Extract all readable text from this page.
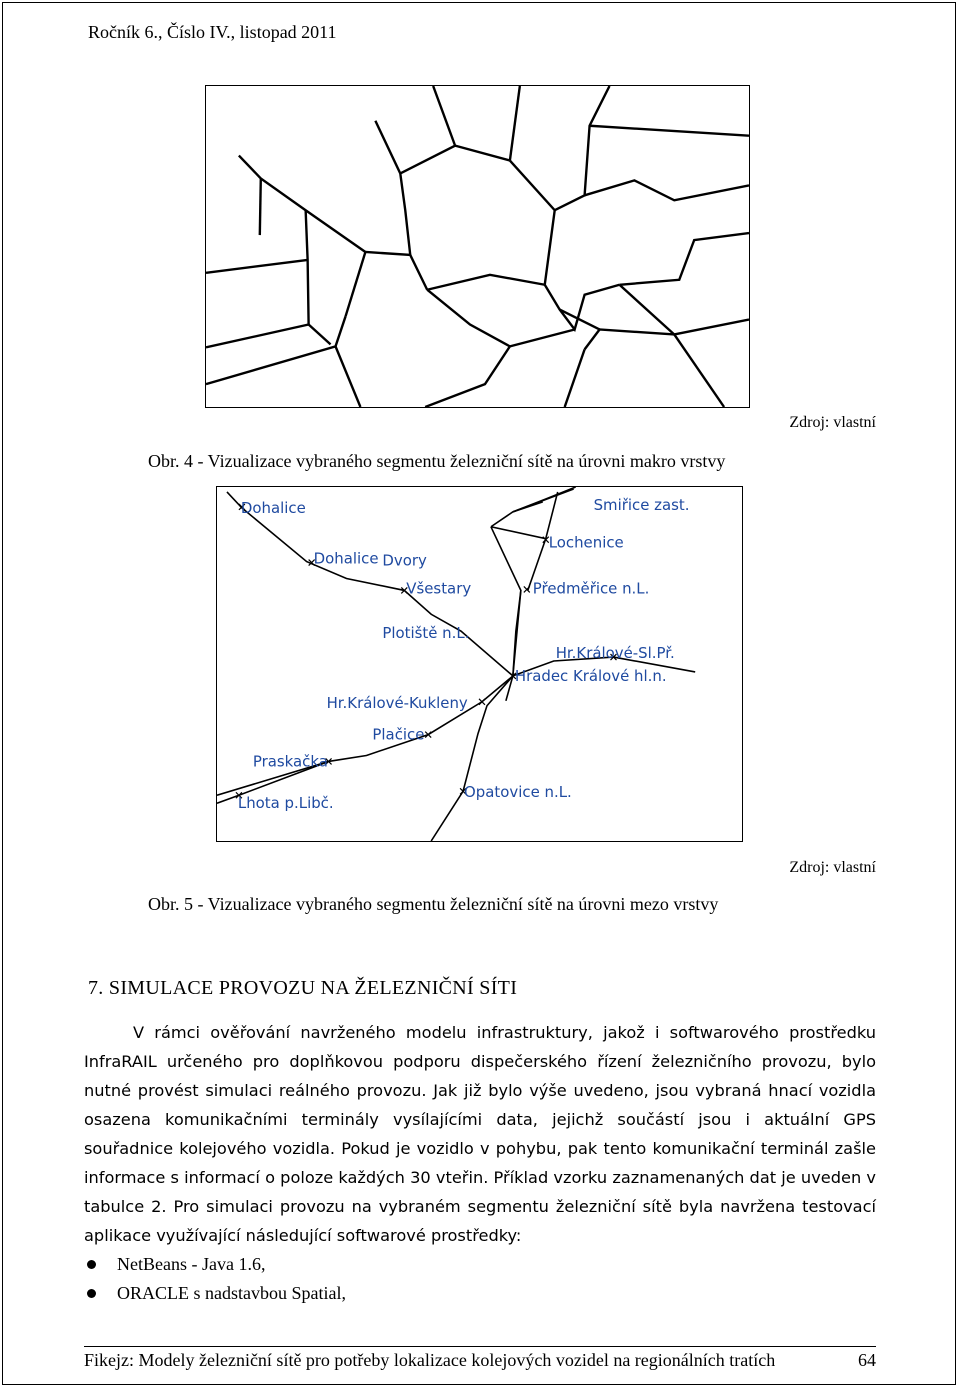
Ročník 6., Číslo IV., listopad 2011
Zdroj: vlastní
Obr. 4 - Vizualizace vybraného segmentu železniční sítě na úrovni makro vrstvy
Dohalice	Smiřice zast.
Lochenice
Dohalice Dvory
Všestary	Předměřice n.L.
Plotiště n.L.
Hr.Králové-Sl.Př.
Hradec Králové hl.n.
Hr.Králové-Kukleny
Plačice
Praskačka
Lhota p.Libč.
Opatovice n.L.
Zdroj: vlastní
Obr. 5 - Vizualizace vybraného segmentu železniční sítě na úrovni mezo vrstvy
7. SIMULACE PROVOZU NA ŽELEZNIČNÍ SÍTI

V rámci ověřování navrženého modelu infrastruktury, jakož i softwarového prostředku InfraRAIL určeného pro doplňkovou podporu dispečerského řízení železničního provozu, bylo nutné provést simulaci reálného provozu. Jak již bylo výše uvedeno, jsou vybraná hnací vozidla osazena komunikačními terminály vysílajícími data, jejichž součástí jsou i aktuální GPS souřadnice kolejového vozidla. Pokud je vozidlo v pohybu, pak tento komunikační terminál zašle informace s informací o poloze každých 30 vteřin. Příklad vzorku zaznamenaných dat je uveden v tabulce 2. Pro simulaci provozu na vybraném segmentu železniční sítě byla navržena testovací aplikace využívající následující softwarové prostředky:

NetBeans - Java 1.6,
ORACLE s nadstavbou Spatial,
Fikejz: Modely železniční sítě pro potřeby lokalizace kolejových vozidel na regionálních tratích	64
